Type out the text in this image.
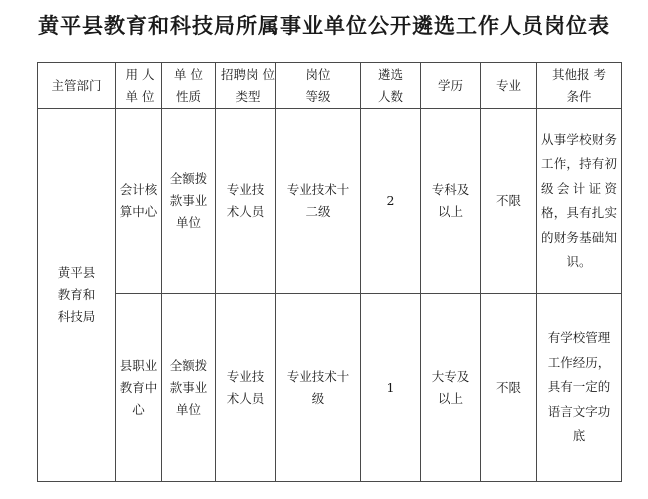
黄平县教育和科技局所属事业单位公开遴选工作人员岗位表
主管部门	用 人 单 位	单 位 性质	招聘岗 位类型	岗位 等级	遴选 人数	学历	专业	其他报 考条件
黄平县教育和科技局	会计核算中心	全额拨款事业单位	专业技术人员	专业技术十二级	2	专科及以上	不限	从事学校财务工作，持有初级会计证资格，具有扎实的财务基础知识。
	县职业教育中心	全额拨款事业单位	专业技术人员	专业技术十级	1	大专及以上	不限	有学校管理工作经历，具有一定的语言文字功底
